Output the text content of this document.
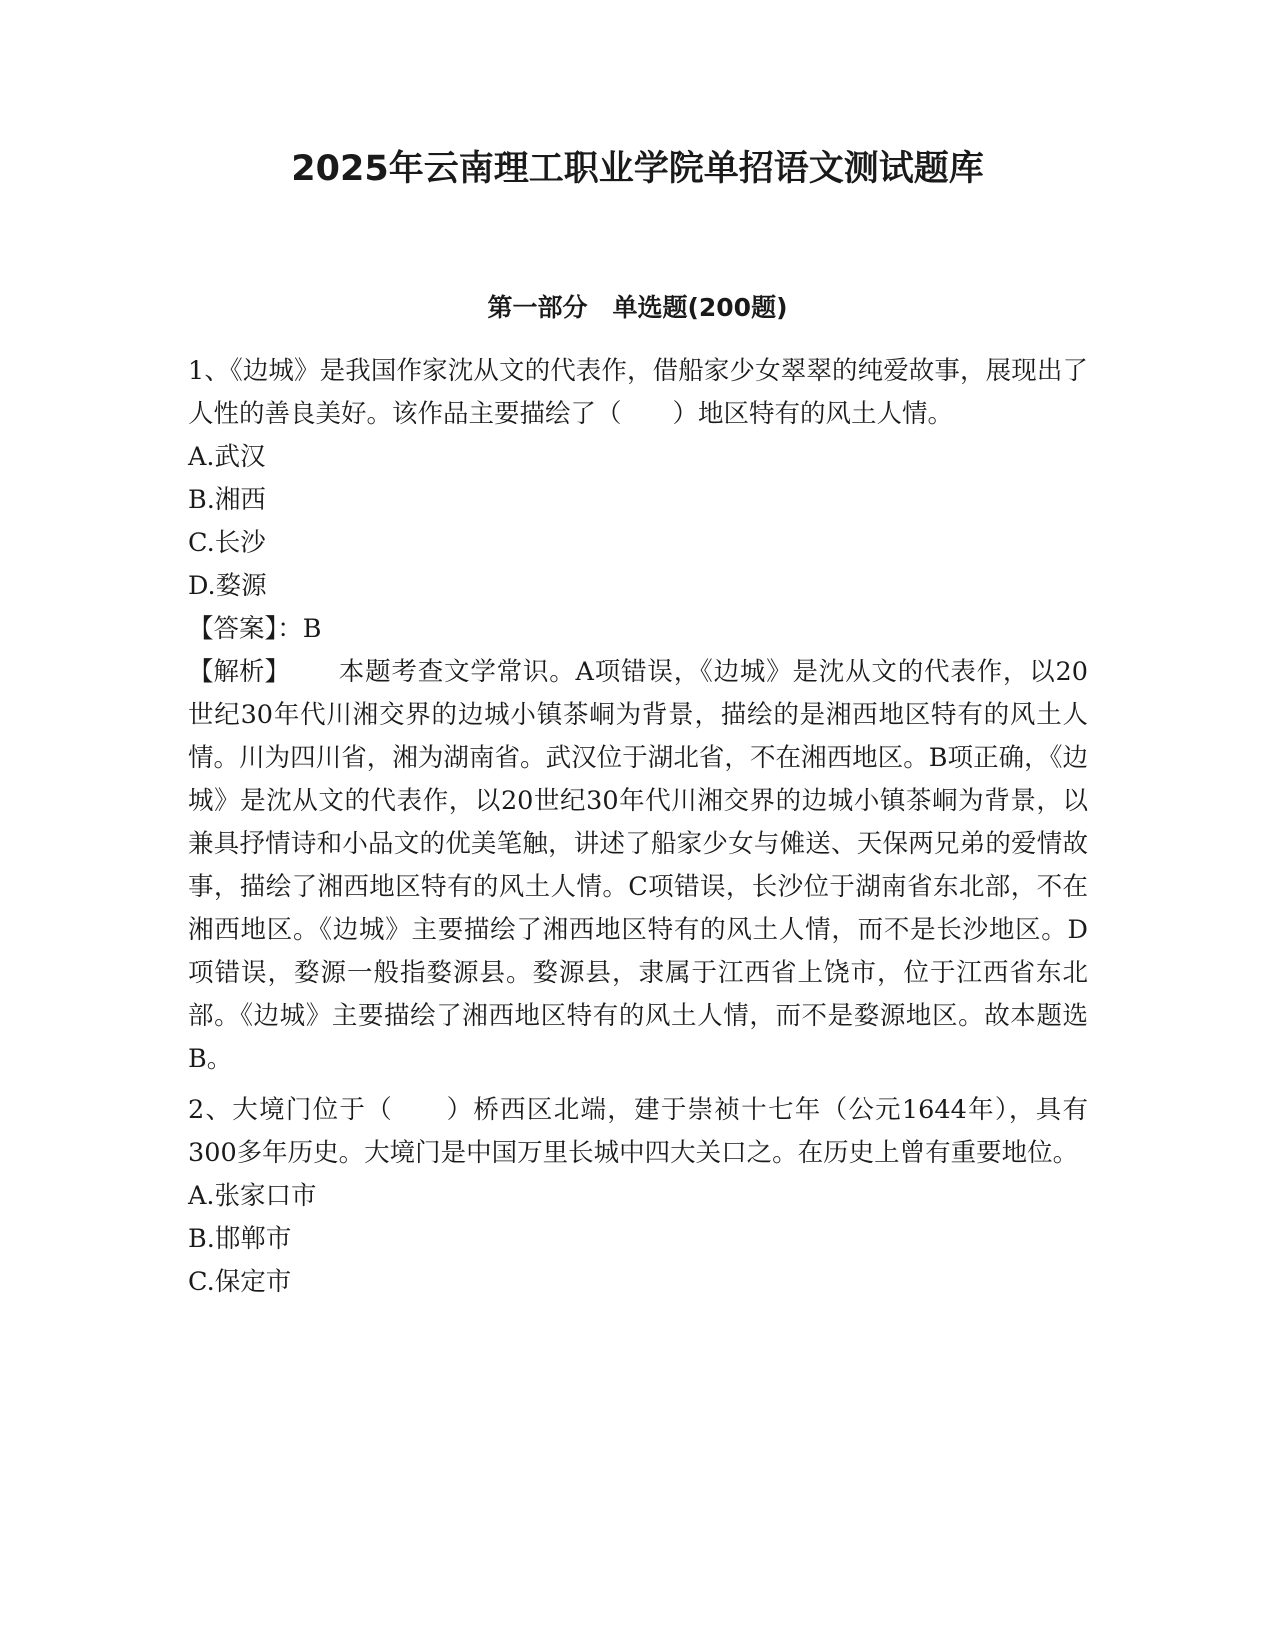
2025年云南理工职业学院单招语文测试题库
第一部分　单选题(200题)

1、《边城》是我国作家沈从文的代表作，借船家少女翠翠的纯爱故事，展现出了人性的善良美好。该作品主要描绘了（　　）地区特有的风土人情。

A.武汉

B.湘西

C.长沙

D.婺源

【答案】：B

【解析】 本题考查文学常识。A项错误，《边城》是沈从文的代表作，以20世纪30年代川湘交界的边城小镇茶峒为背景，描绘的是湘西地区特有的风土人情。川为四川省，湘为湖南省。武汉位于湖北省，不在湘西地区。B项正确，《边城》是沈从文的代表作，以20世纪30年代川湘交界的边城小镇茶峒为背景，以兼具抒情诗和小品文的优美笔触，讲述了船家少女与傩送、天保两兄弟的爱情故事，描绘了湘西地区特有的风土人情。C项错误，长沙位于湖南省东北部，不在湘西地区。《边城》主要描绘了湘西地区特有的风土人情，而不是长沙地区。D项错误，婺源一般指婺源县。婺源县，隶属于江西省上饶市，位于江西省东北部。《边城》主要描绘了湘西地区特有的风土人情，而不是婺源地区。故本题选B。

2、大境门位于（　　）桥西区北端，建于崇祯十七年（公元1644年），具有300多年历史。大境门是中国万里长城中四大关口之。在历史上曾有重要地位。

A.张家口市

B.邯郸市

C.保定市
